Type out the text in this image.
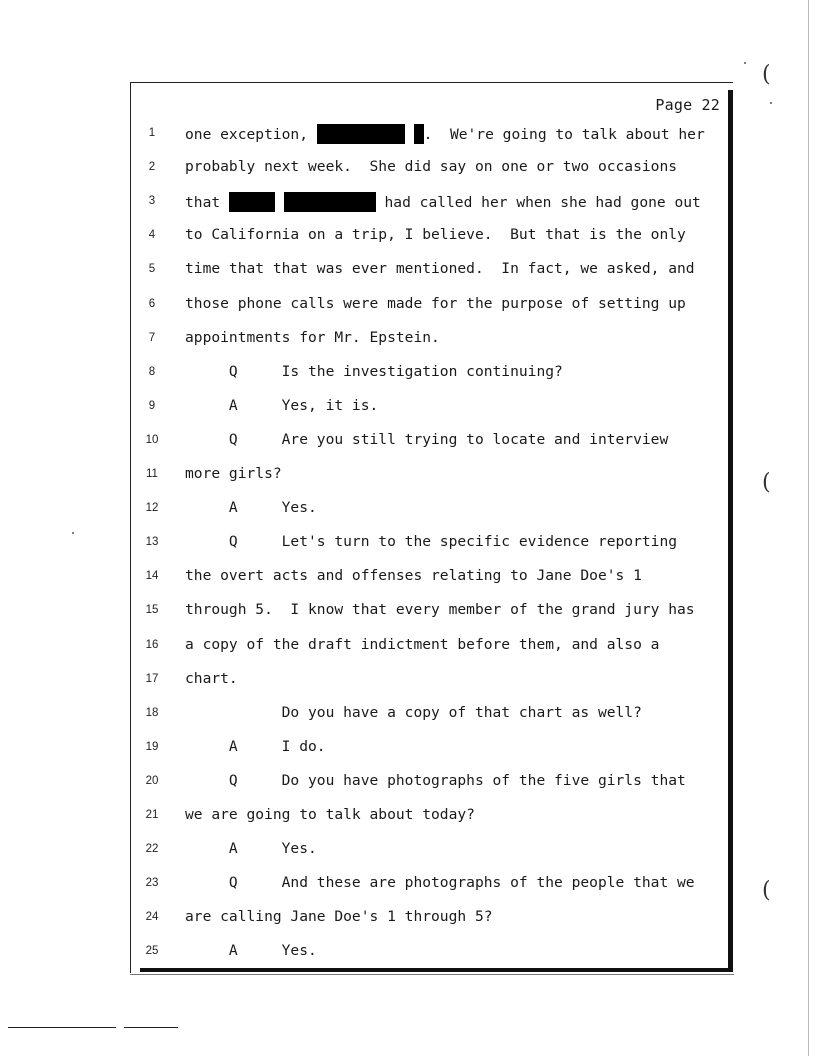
Page 22
1	one exception,	.  We're going to talk about her
2	probably next week.  She did say on one or two occasions
3	that	had called her when she had gone out
4	to California on a trip, I believe.  But that is the only
5	time that that was ever mentioned.  In fact, we asked, and
6	those phone calls were made for the purpose of setting up
7	appointments for Mr. Epstein.
8	Q     Is the investigation continuing?
9	A     Yes, it is.
10	Q     Are you still trying to locate and interview
11	more girls?
12	A     Yes.
13	Q     Let's turn to the specific evidence reporting
14	the overt acts and offenses relating to Jane Doe's 1
15	through 5.  I know that every member of the grand jury has
16	a copy of the draft indictment before them, and also a
17	chart.
18	Do you have a copy of that chart as well?
19	A     I do.
20	Q     Do you have photographs of the five girls that
21	we are going to talk about today?
22	A     Yes.
23	Q     And these are photographs of the people that we
24	are calling Jane Doe's 1 through 5?
25	A     Yes.
(
(
(
